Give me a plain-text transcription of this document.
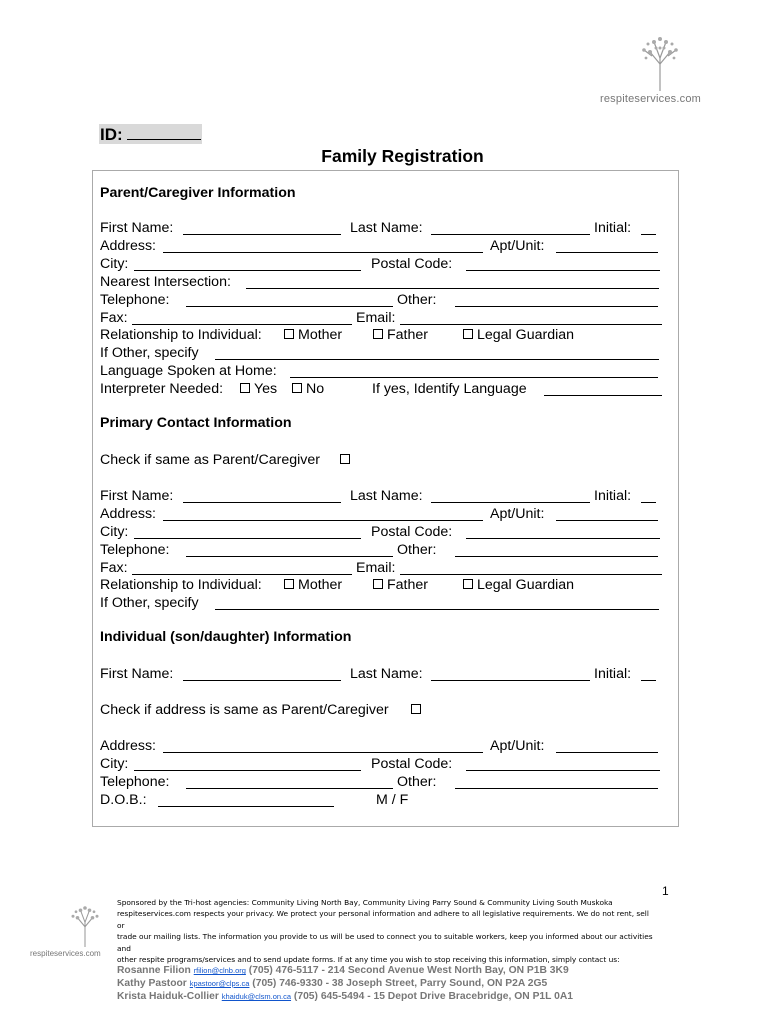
respiteservices.com
ID:
Family Registration
Parent/Caregiver Information
First Name:	Last Name:	Initial:
Address:	Apt/Unit:
City:	Postal Code:
Nearest Intersection:
Telephone:	Other:
Fax:	Email:
Relationship to Individual:	Mother	Father	Legal Guardian
If Other, specify
Language Spoken at Home:
Interpreter Needed:	Yes	No	If yes, Identify Language
Primary Contact Information
Check if same as Parent/Caregiver
First Name:	Last Name:	Initial:
Address:	Apt/Unit:
City:	Postal Code:
Telephone:	Other:
Fax:	Email:
Relationship to Individual:	Mother	Father	Legal Guardian
If Other, specify
Individual (son/daughter) Information
First Name:	Last Name:	Initial:
Check if address is same as Parent/Caregiver
Address:	Apt/Unit:
City:	Postal Code:
Telephone:	Other:
D.O.B.:	M / F
1
respiteservices.com
Sponsored by the Tri-host agencies: Community Living North Bay, Community Living Parry Sound & Community Living South Muskoka
respiteservices.com respects your privacy. We protect your personal information and adhere to all legislative requirements. We do not rent, sell or
trade our mailing lists. The information you provide to us will be used to connect you to suitable workers, keep you informed about our activities and
other respite programs/services and to send update forms. If at any time you wish to stop receiving this information, simply contact us:
Rosanne Filion rfilion@clnb.org (705) 476-5117 - 214 Second Avenue West North Bay, ON P1B 3K9
Kathy Pastoor kpastoor@clps.ca (705) 746-9330 - 38 Joseph Street, Parry Sound, ON P2A 2G5
Krista Haiduk-Collier khaiduk@clsm.on.ca (705) 645-5494 - 15 Depot Drive Bracebridge, ON P1L 0A1
